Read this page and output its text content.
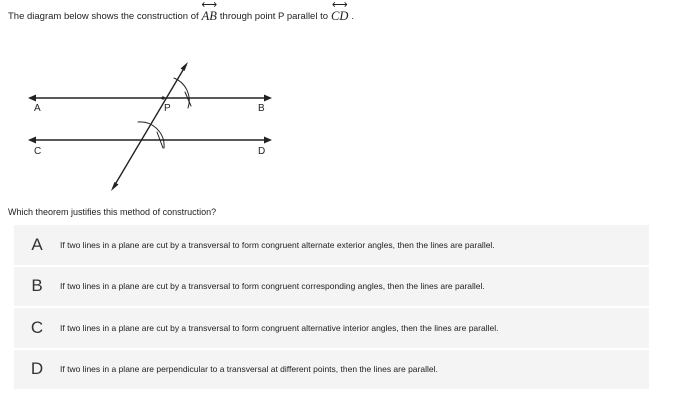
The diagram below shows the construction of
⟷
AB through point P parallel to
⟷
CD .
A	B
C	D
P
Which theorem justifies this method of construction?
A	If two lines in a plane are cut by a transversal to form congruent alternate exterior angles, then the lines are parallel.
B	If two lines in a plane are cut by a transversal to form congruent corresponding angles, then the lines are parallel.
C	If two lines in a plane are cut by a transversal to form congruent alternative interior angles, then the lines are parallel.
D	If two lines in a plane are perpendicular to a transversal at different points, then the lines are parallel.
